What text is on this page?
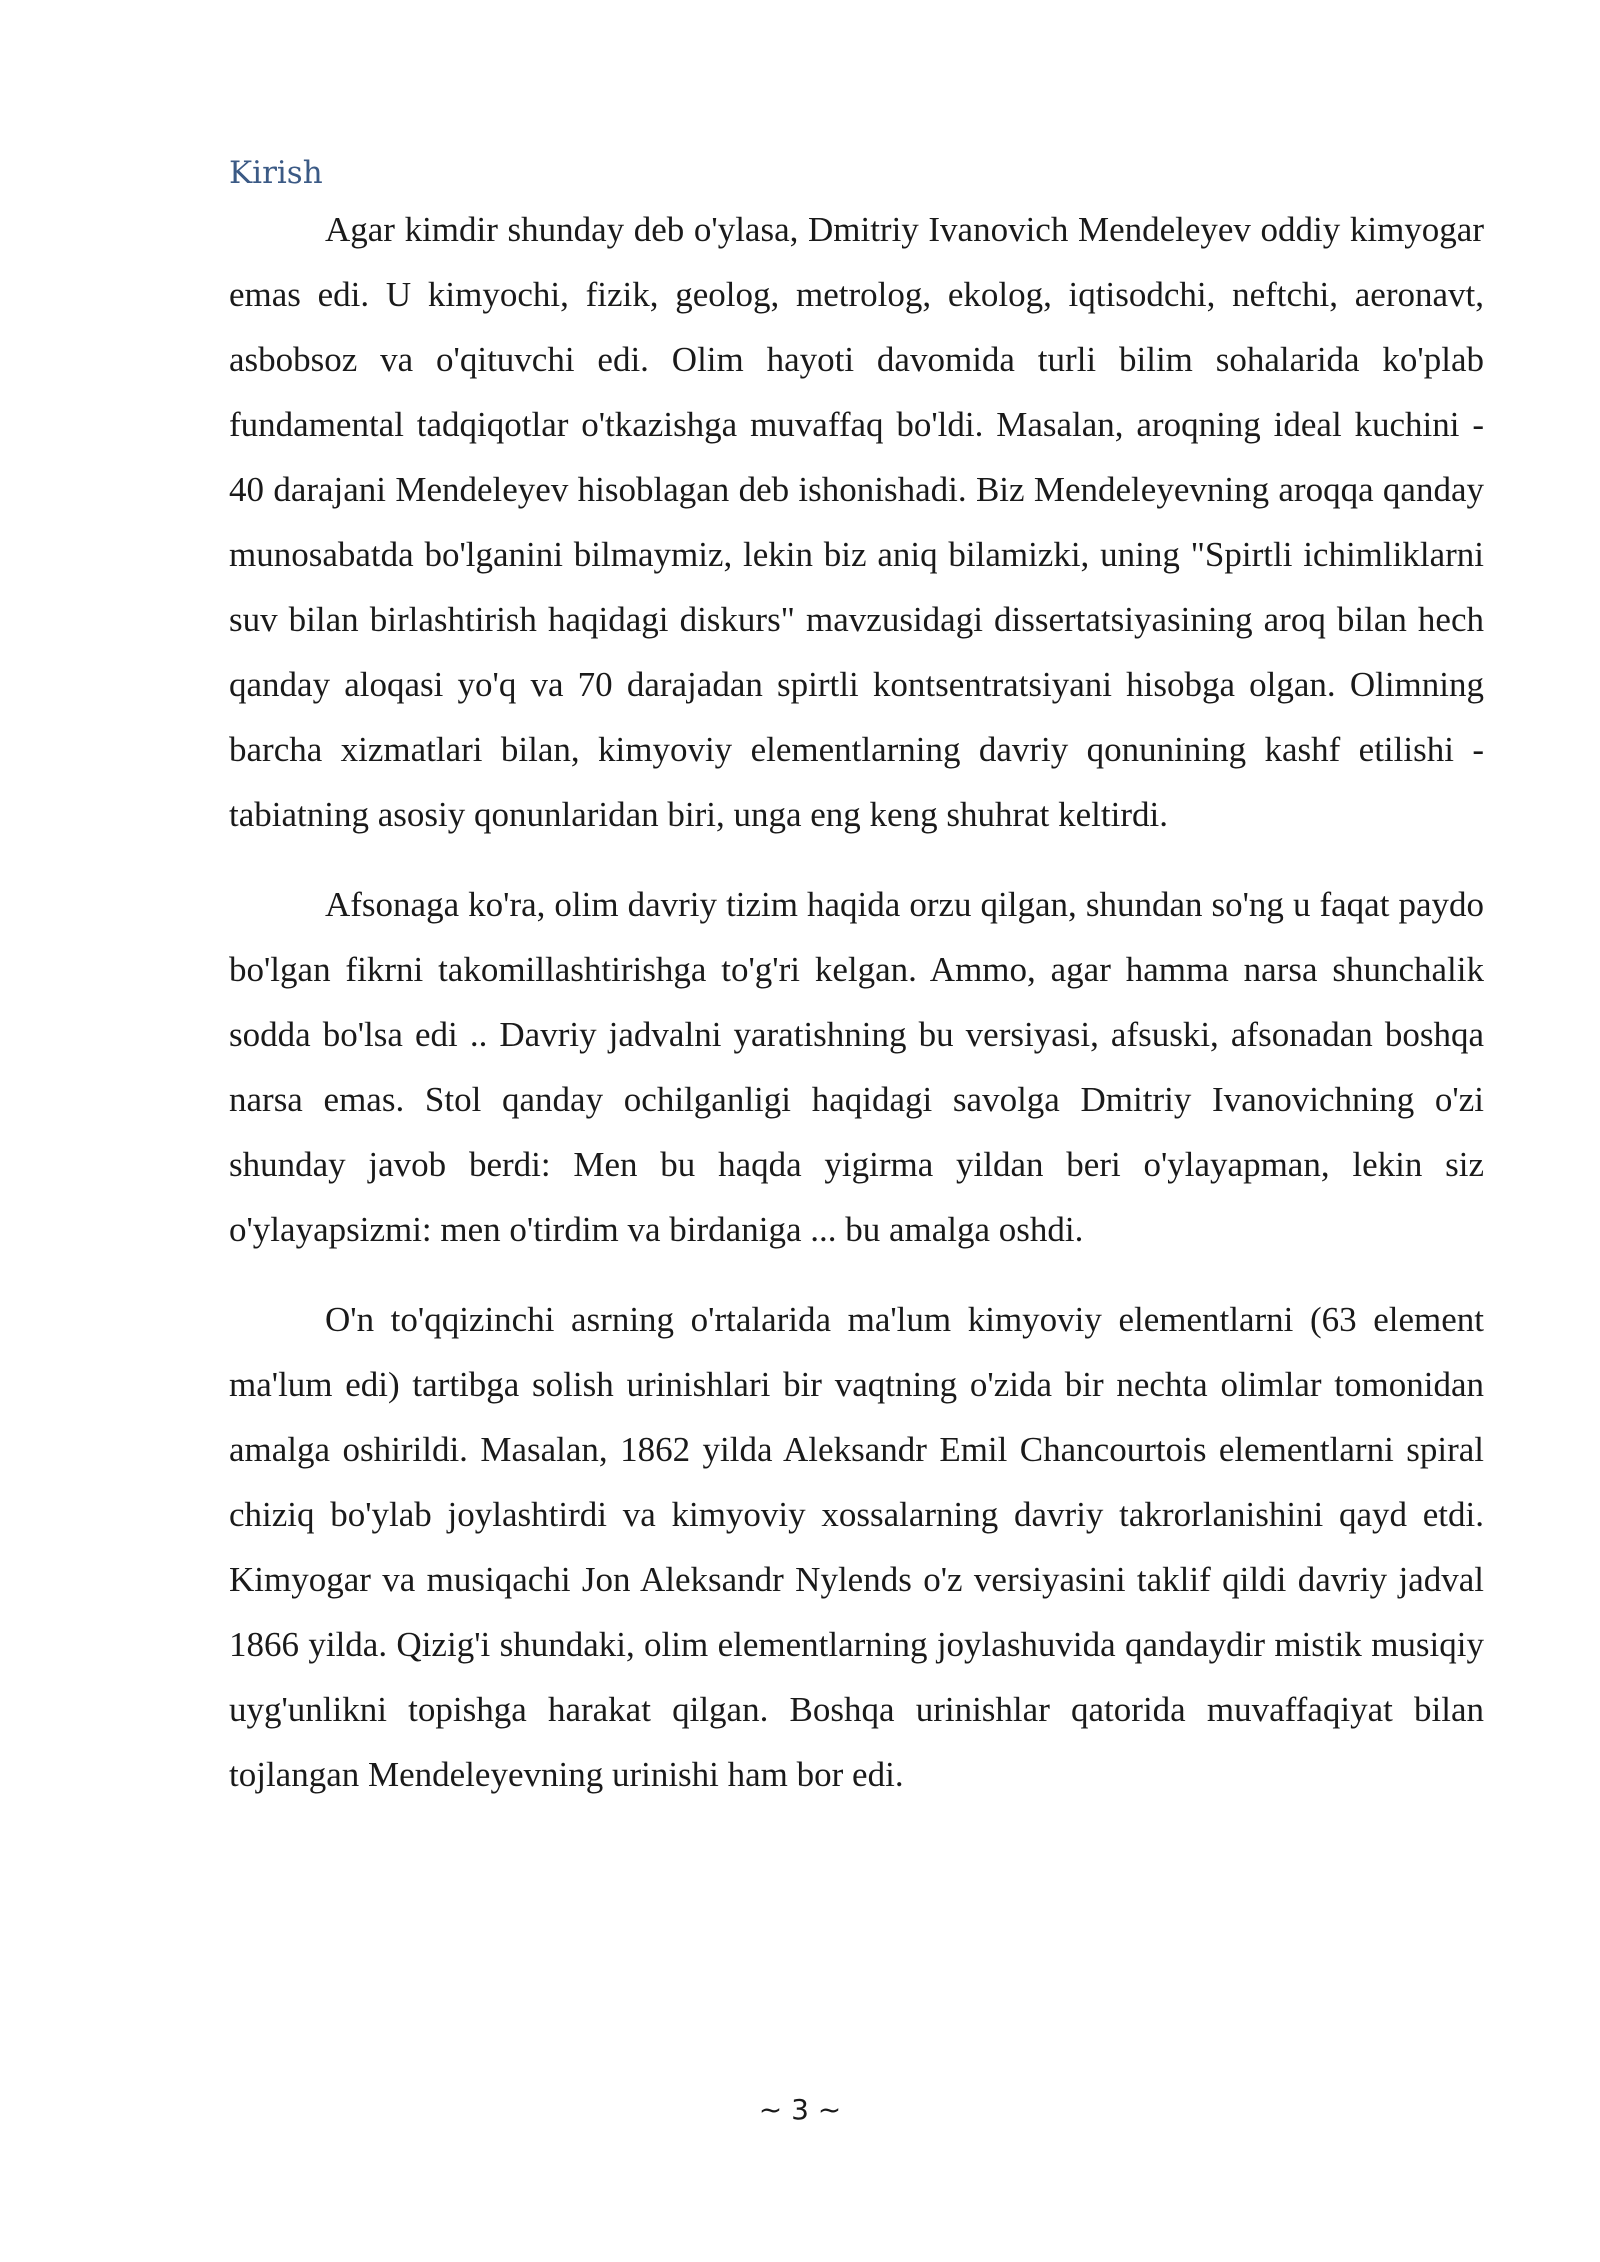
Kirish

Agar kimdir shunday deb o'ylasa, Dmitriy Ivanovich Mendeleyev oddiy kimyogar emas edi. U kimyochi, fizik, geolog, metrolog, ekolog, iqtisodchi, neftchi, aeronavt, asbobsoz va o'qituvchi edi. Olim hayoti davomida turli bilim sohalarida ko'plab fundamental tadqiqotlar o'tkazishga muvaffaq bo'ldi. Masalan, aroqning ideal kuchini - 40 darajani Mendeleyev hisoblagan deb ishonishadi. Biz Mendeleyevning aroqqa qanday munosabatda bo'lganini bilmaymiz, lekin biz aniq bilamizki, uning "Spirtli ichimliklarni suv bilan birlashtirish haqidagi diskurs" mavzusidagi dissertatsiyasining aroq bilan hech qanday aloqasi yo'q va 70 darajadan spirtli kontsentratsiyani hisobga olgan. Olimning barcha xizmatlari bilan, kimyoviy elementlarning davriy qonunining kashf etilishi - tabiatning asosiy qonunlaridan biri, unga eng keng shuhrat keltirdi.

Afsonaga ko'ra, olim davriy tizim haqida orzu qilgan, shundan so'ng u faqat paydo bo'lgan fikrni takomillashtirishga to'g'ri kelgan. Ammo, agar hamma narsa shunchalik sodda bo'lsa edi .. Davriy jadvalni yaratishning bu versiyasi, afsuski, afsonadan boshqa narsa emas. Stol qanday ochilganligi haqidagi savolga Dmitriy Ivanovichning o'zi shunday javob berdi: Men bu haqda yigirma yildan beri o'ylayapman, lekin siz o'ylayapsizmi: men o'tirdim va birdaniga ... bu amalga oshdi.

O'n to'qqizinchi asrning o'rtalarida ma'lum kimyoviy elementlarni (63 element ma'lum edi) tartibga solish urinishlari bir vaqtning o'zida bir nechta olimlar tomonidan amalga oshirildi. Masalan, 1862 yilda Aleksandr Emil Chancourtois elementlarni spiral chiziq bo'ylab joylashtirdi va kimyoviy xossalarning davriy takrorlanishini qayd etdi. Kimyogar va musiqachi Jon Aleksandr Nylends o'z versiyasini taklif qildi davriy jadval 1866 yilda. Qizig'i shundaki, olim elementlarning joylashuvida qandaydir mistik musiqiy uyg'unlikni topishga harakat qilgan. Boshqa urinishlar qatorida muvaffaqiyat bilan tojlangan Mendeleyevning urinishi ham bor edi.

~ 3 ~
